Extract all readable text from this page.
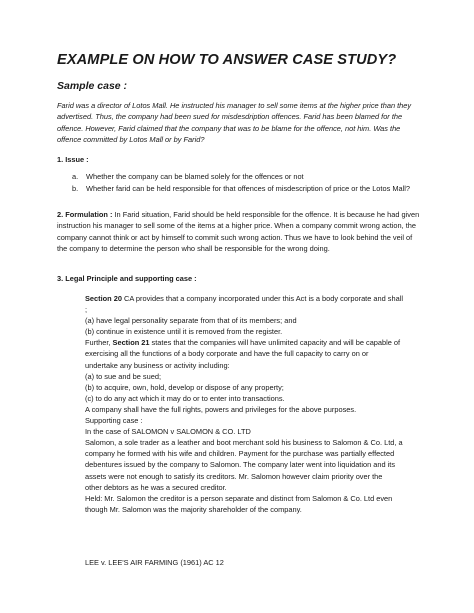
EXAMPLE ON HOW TO ANSWER CASE STUDY?
Sample case :
Farid was a director of Lotos Mall. He instructed his manager to sell some items at the higher price than they advertised. Thus, the company had been sued for misdesdription offences. Farid has been blamed for the offence. However, Farid claimed that the company that was to be blame for the offence, not him. Was the offence committed by Lotos Mall or by Farid?
1. Issue :
a.	Whether the company can be blamed solely for the offences or not
b.	Whether farid can be held responsible for that offences of misdescription of price or the Lotos Mall?
2. Formulation : In Farid situation, Farid should be held responsible for the offence. It is because he had given instruction his manager to sell some of the items at a higher price. When a company commit wrong action, the company cannot think or act by himself to commit such wrong action. Thus we have to look behind the veil of the company to determine the person who shall be responsible for the wrong doing.
3. Legal Principle and supporting case :
Section 20 CA provides that a company incorporated under this Act is a body corporate and shall
;
(a) have legal personality separate from that of its members; and
(b) continue in existence until it is removed from the register.
Further, Section 21 states that the companies will have unlimited capacity and will be capable of
exercising all the functions of a body corporate and have the full capacity to carry on or
undertake any business or activity including:
(a) to sue and be sued;
(b) to acquire, own, hold, develop or dispose of any property;
(c) to do any act which it may do or to enter into transactions.
A company shall have the full rights, powers and privileges for the above purposes.
Supporting case :
In the case of SALOMON v SALOMON & CO. LTD
Salomon, a sole trader as a leather and boot merchant sold his business to Salomon & Co. Ltd, a
company he formed with his wife and children. Payment for the purchase was partially effected
debentures issued by the company to Salomon. The company later went into liquidation and its
assets were not enough to satisfy its creditors. Mr. Salomon however claim priority over the
other debtors as he was a secured creditor.
Held: Mr. Salomon the creditor is a person separate and distinct from Salomon & Co. Ltd even
though Mr. Salomon was the majority shareholder of the company.
LEE v. LEE'S AIR FARMING (1961) AC 12
